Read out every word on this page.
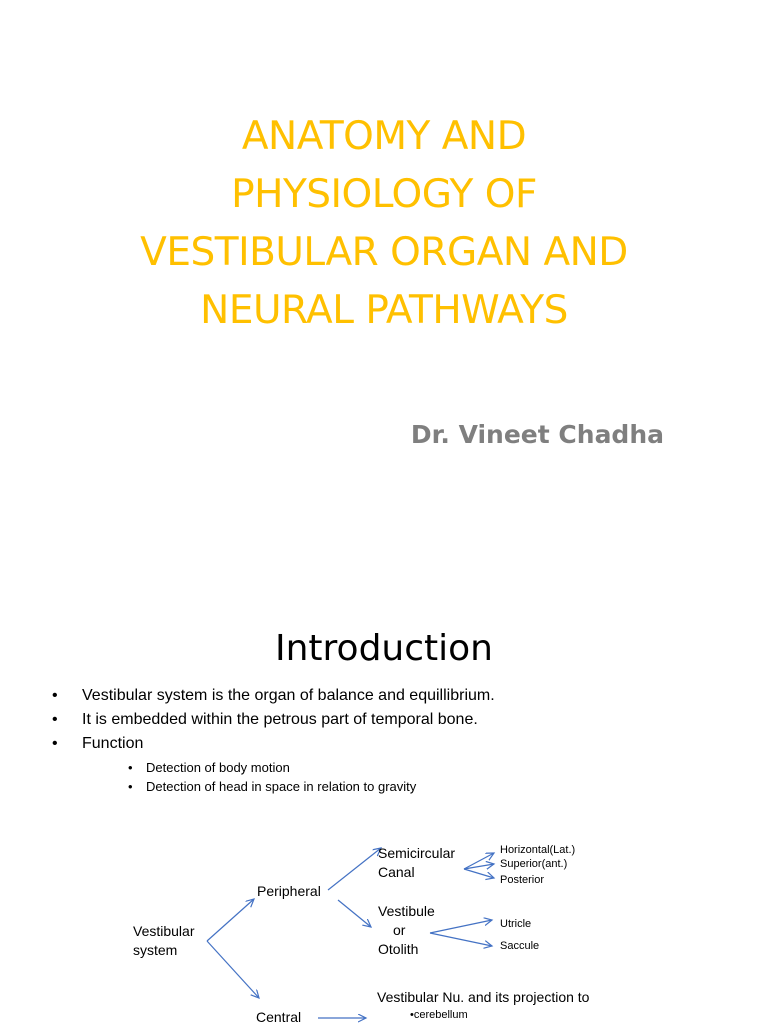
ANATOMY AND
PHYSIOLOGY OF
VESTIBULAR ORGAN AND
NEURAL PATHWAYS
Dr. Vineet Chadha
Introduction
• Vestibular system is the organ of balance and equillibrium.
• It is embedded within the petrous part of temporal bone.
• Function
• Detection of body motion
• Detection of head in space in relation to gravity
Vestibular
system
Peripheral
Central
Semicircular
Canal
Vestibule
or
Otolith
Horizontal(Lat.)
Superior(ant.)
Posterior
Utricle
Saccule
Vestibular Nu. and its projection to
•cerebellum
